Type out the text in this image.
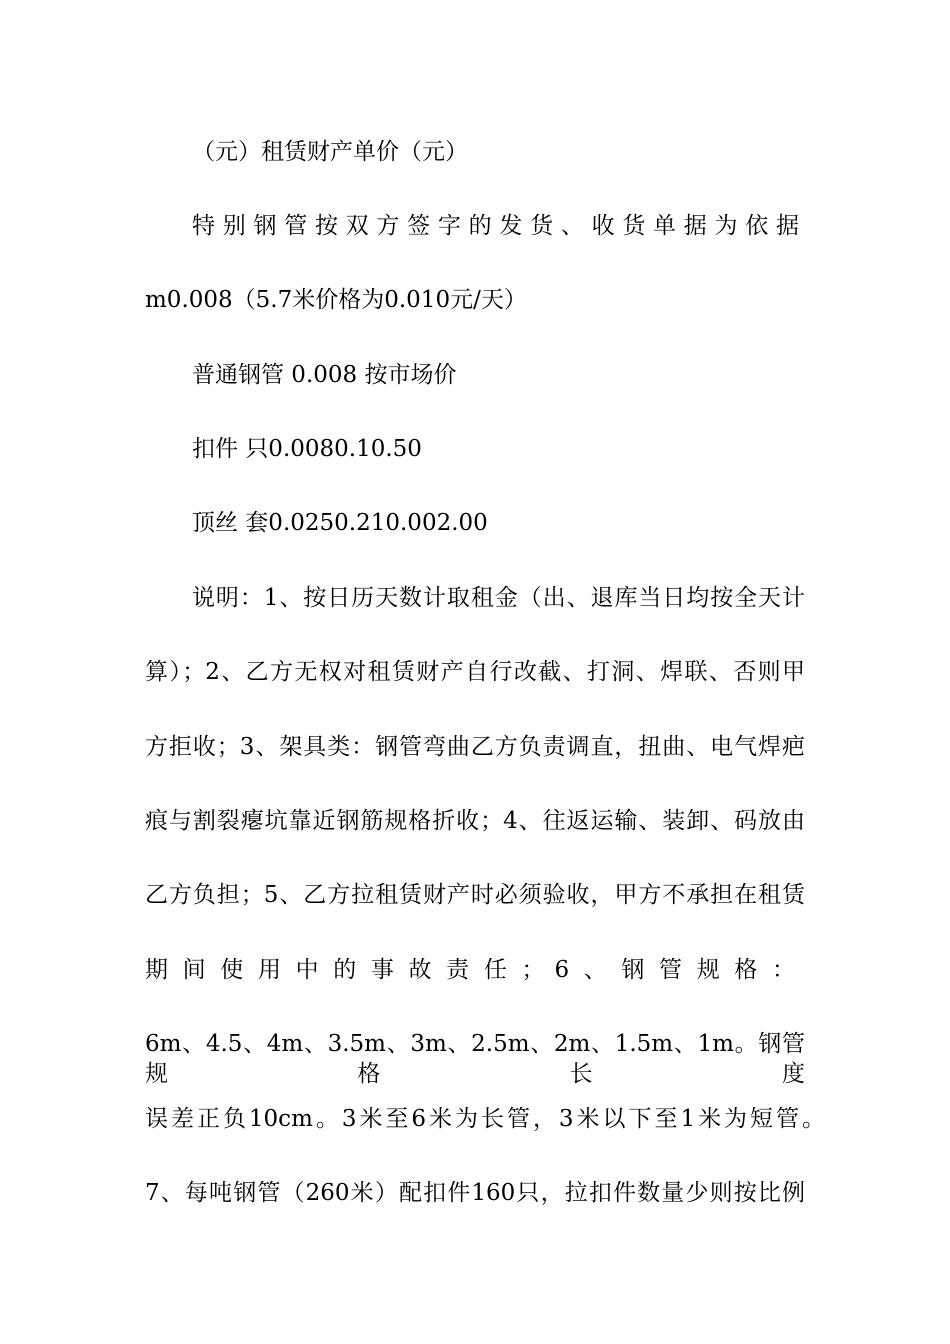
（元）租赁财产单价（元）
特别钢管按双方签字的发货、收货单据为依据
m0.008（5.7米价格为0.010元/天）
普通钢管 0.008 按市场价
扣件 只0.0080.10.50
顶丝 套0.0250.210.002.00
说明：1、按日历天数计取租金（出、退库当日均按全天计
算）；2、乙方无权对租赁财产自行改截、打洞、焊联、否则甲
方拒收；3、架具类：钢管弯曲乙方负责调直，扭曲、电气焊疤
痕与割裂瘪坑靠近钢筋规格折收；4、往返运输、装卸、码放由
乙方负担；5、乙方拉租赁财产时必须验收，甲方不承担在租赁
期间使用中的事故责任；6、钢管规格：
6m、4.5、4m、3.5m、3m、2.5m、2m、1.5m、1m。钢管规格长度
误差正负10cm。3米至6米为长管，3米以下至1米为短管。
7、每吨钢管（260米）配扣件160只，拉扣件数量少则按比例
